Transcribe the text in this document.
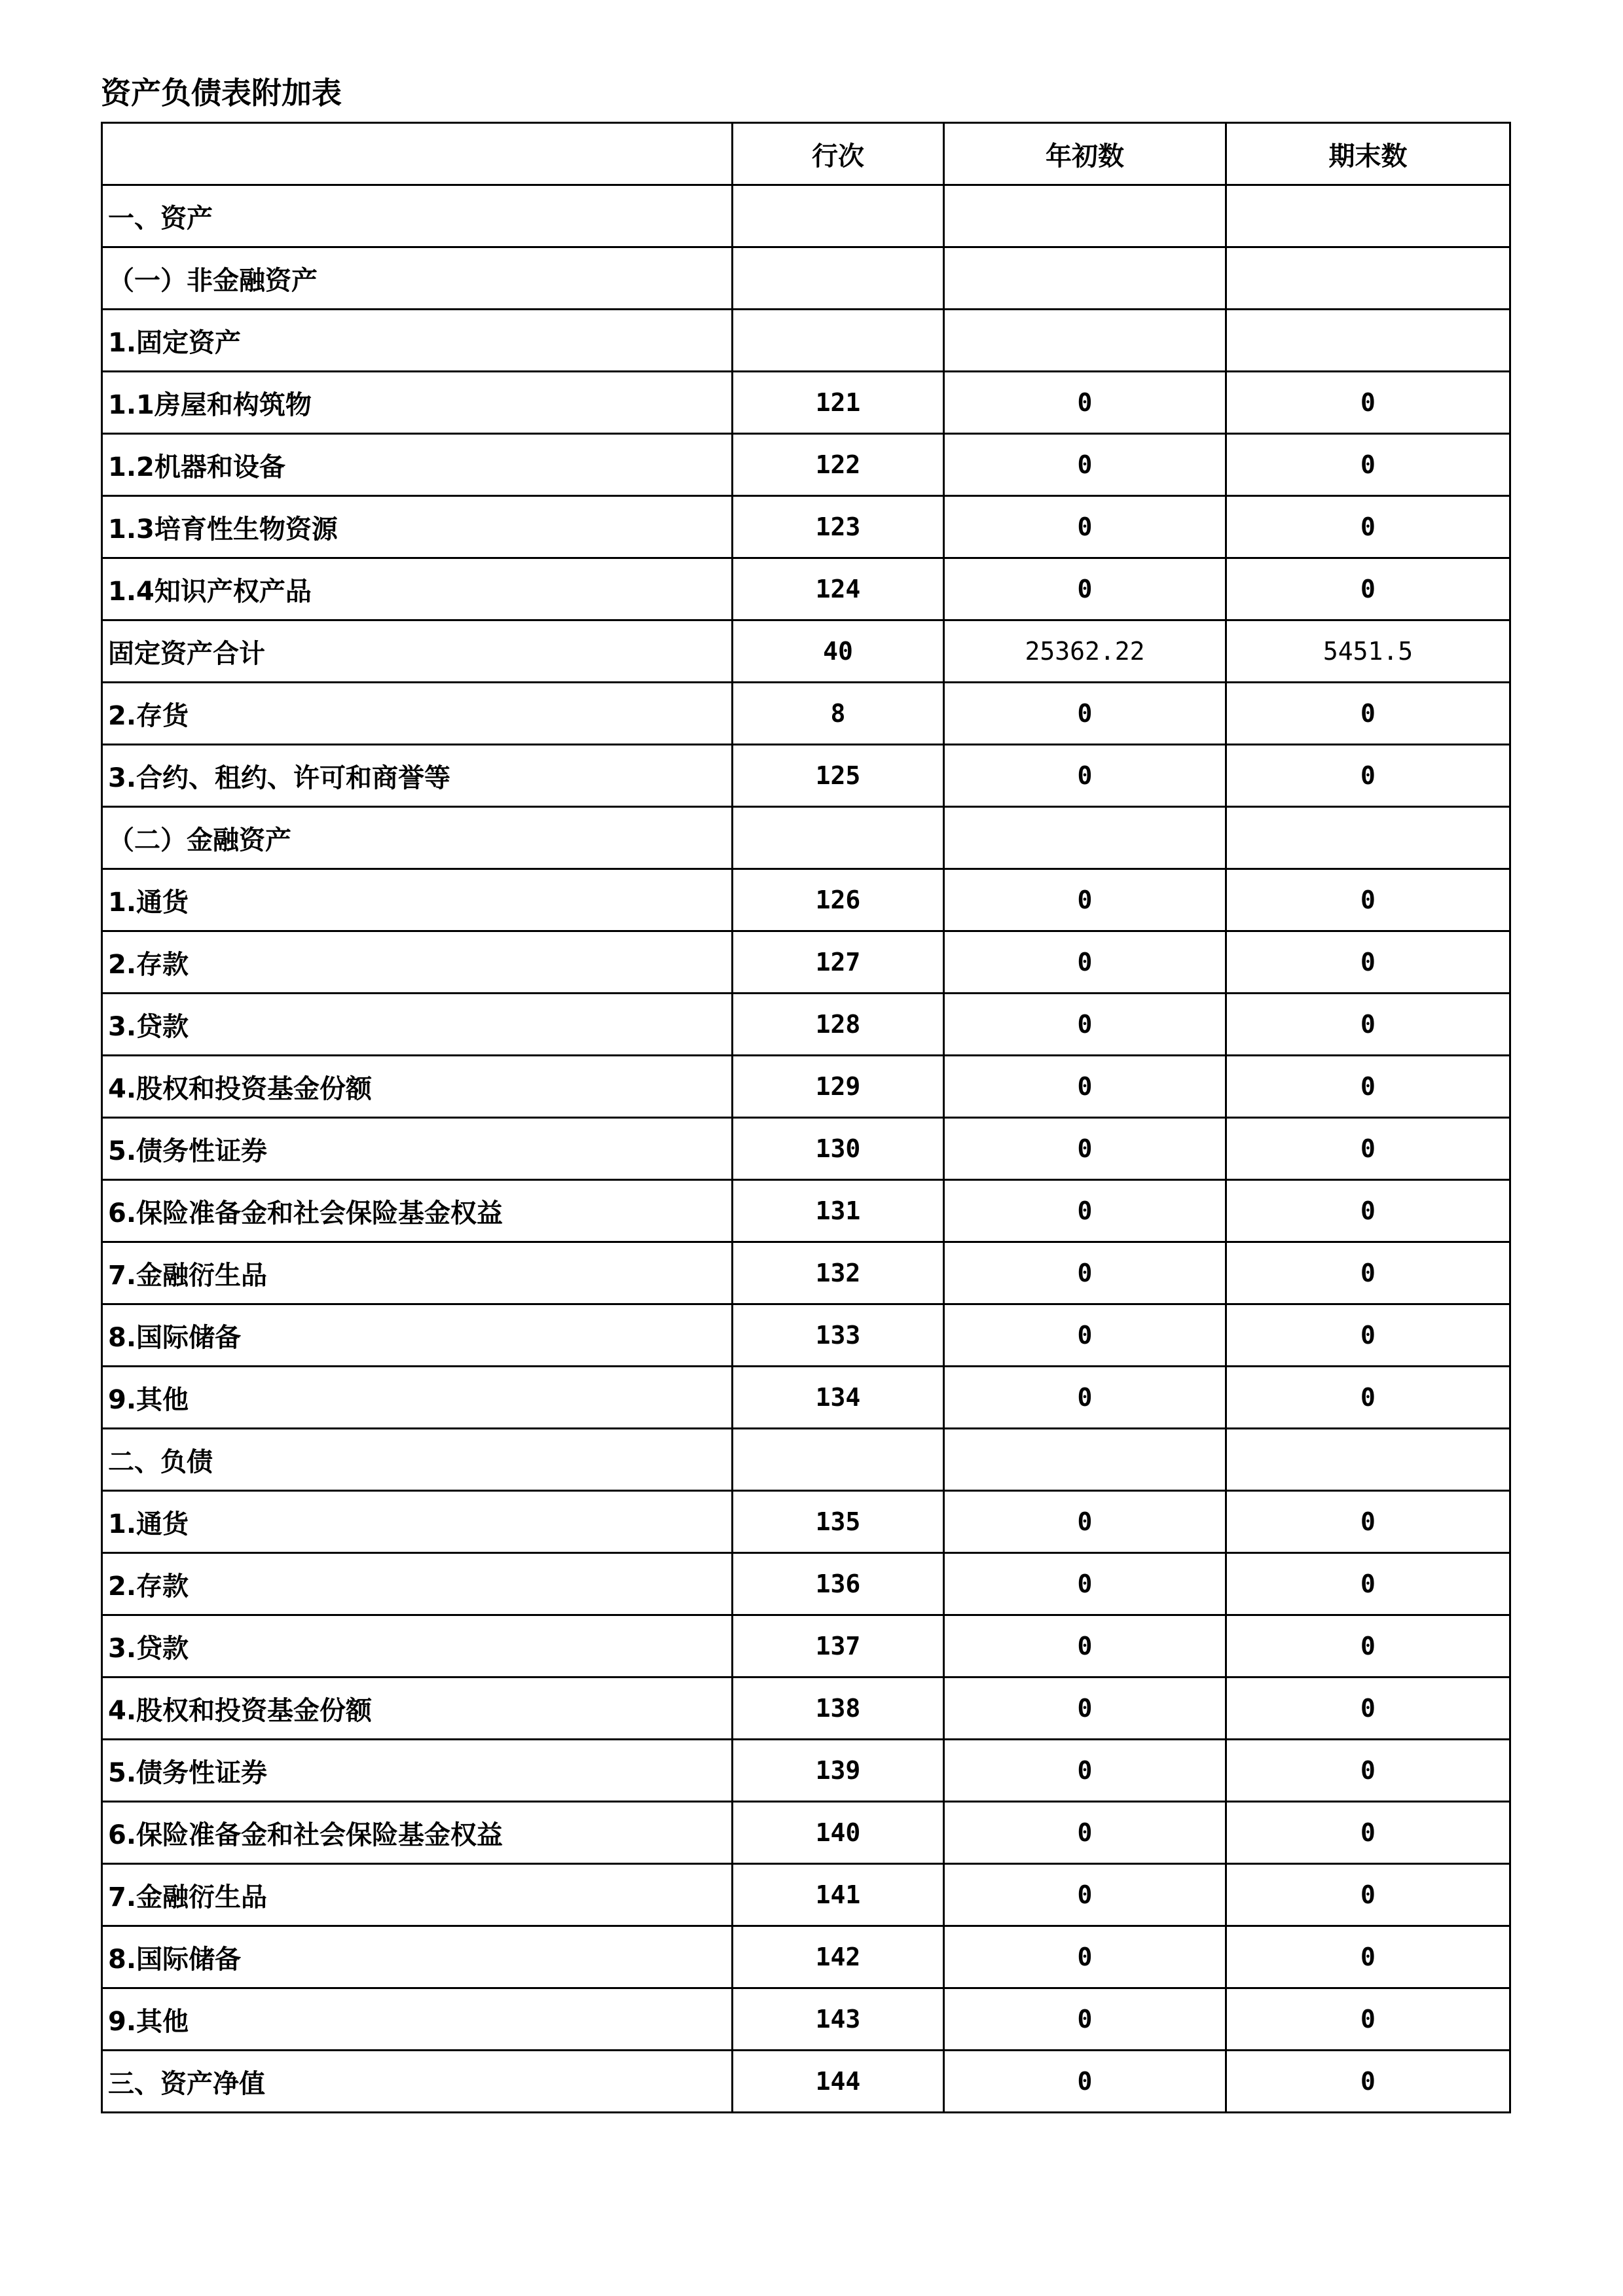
资产负债表附加表
	行次	年初数	期末数
一、资产			
（一）非金融资产			
1.固定资产			
1.1房屋和构筑物	121	0	0
1.2机器和设备	122	0	0
1.3培育性生物资源	123	0	0
1.4知识产权产品	124	0	0
固定资产合计	40	25362.22	5451.5
2.存货	8	0	0
3.合约、租约、许可和商誉等	125	0	0
（二）金融资产			
1.通货	126	0	0
2.存款	127	0	0
3.贷款	128	0	0
4.股权和投资基金份额	129	0	0
5.债务性证券	130	0	0
6.保险准备金和社会保险基金权益	131	0	0
7.金融衍生品	132	0	0
8.国际储备	133	0	0
9.其他	134	0	0
二、负债			
1.通货	135	0	0
2.存款	136	0	0
3.贷款	137	0	0
4.股权和投资基金份额	138	0	0
5.债务性证券	139	0	0
6.保险准备金和社会保险基金权益	140	0	0
7.金融衍生品	141	0	0
8.国际储备	142	0	0
9.其他	143	0	0
三、资产净值	144	0	0
